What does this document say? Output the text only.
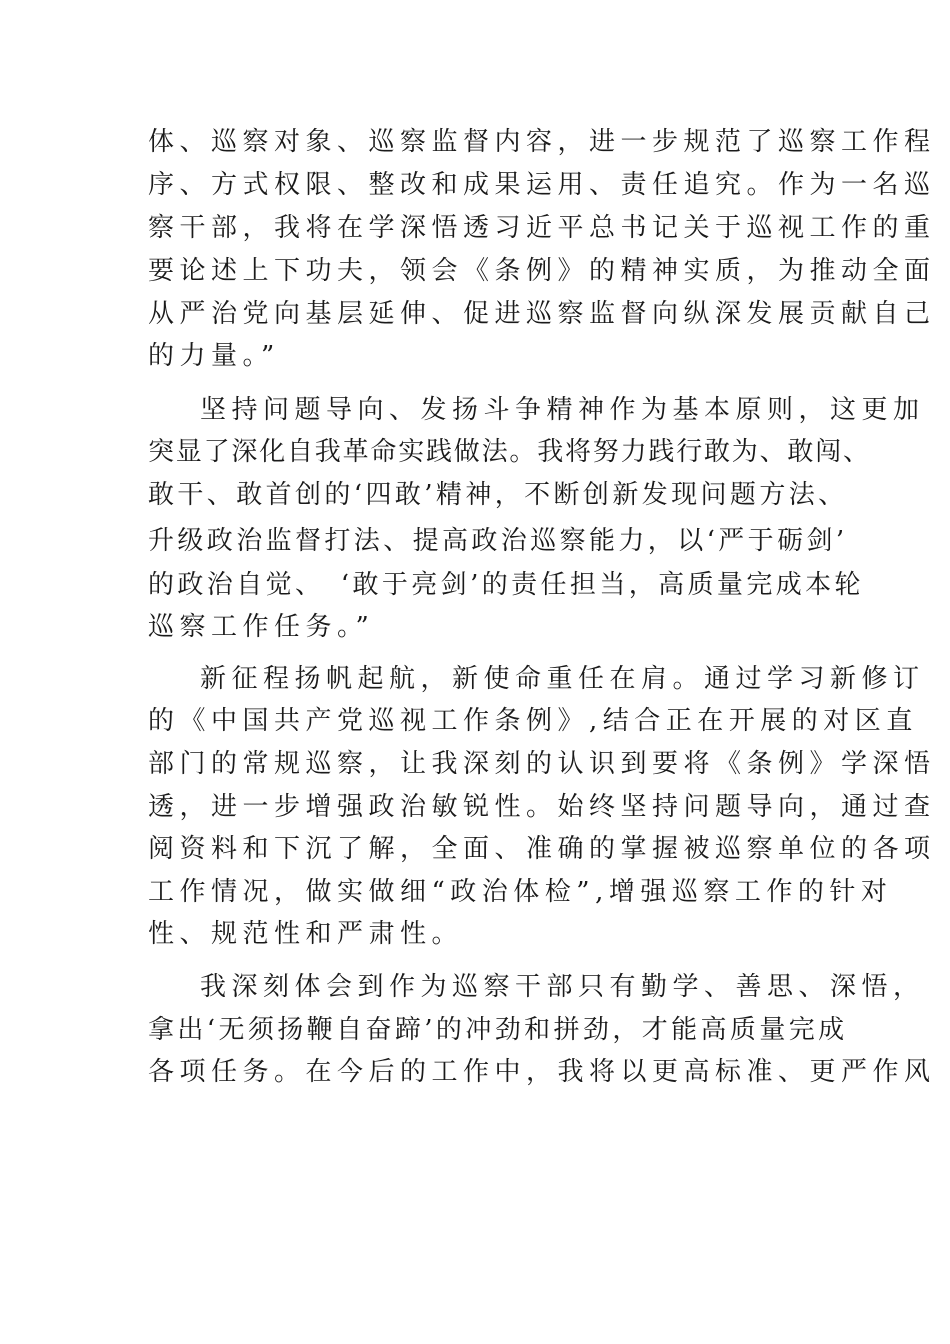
体、巡察对象、巡察监督内容，进一步规范了巡察工作程
序、方式权限、整改和成果运用、责任追究。作为一名巡
察干部，我将在学深悟透习近平总书记关于巡视工作的重
要论述上下功夫，领会《条例》的精神实质，为推动全面
从严治党向基层延伸、促进巡察监督向纵深发展贡献自己
的力量。”
坚持问题导向、发扬斗争精神作为基本原则，这更加
突显了深化自我革命实践做法。我将努力践行敢为、敢闯、
敢干、敢首创的‘四敢’精神，不断创新发现问题方法、
升级政治监督打法、提高政治巡察能力，以‘严于砺剑’
的政治自觉、　‘敢于亮剑’的责任担当，高质量完成本轮
巡察工作任务。”
新征程扬帆起航，新使命重任在肩。通过学习新修订
的《中国共产党巡视工作条例》,结合正在开展的对区直
部门的常规巡察，让我深刻的认识到要将《条例》学深悟
透，进一步增强政治敏锐性。始终坚持问题导向，通过查
阅资料和下沉了解，全面、准确的掌握被巡察单位的各项
工作情况，做实做细“政治体检”,增强巡察工作的针对
性、规范性和严肃性。
我深刻体会到作为巡察干部只有勤学、善思、深悟，
拿出‘无须扬鞭自奋蹄’的冲劲和拼劲，才能高质量完成
各项任务。在今后的工作中，我将以更高标准、更严作风
